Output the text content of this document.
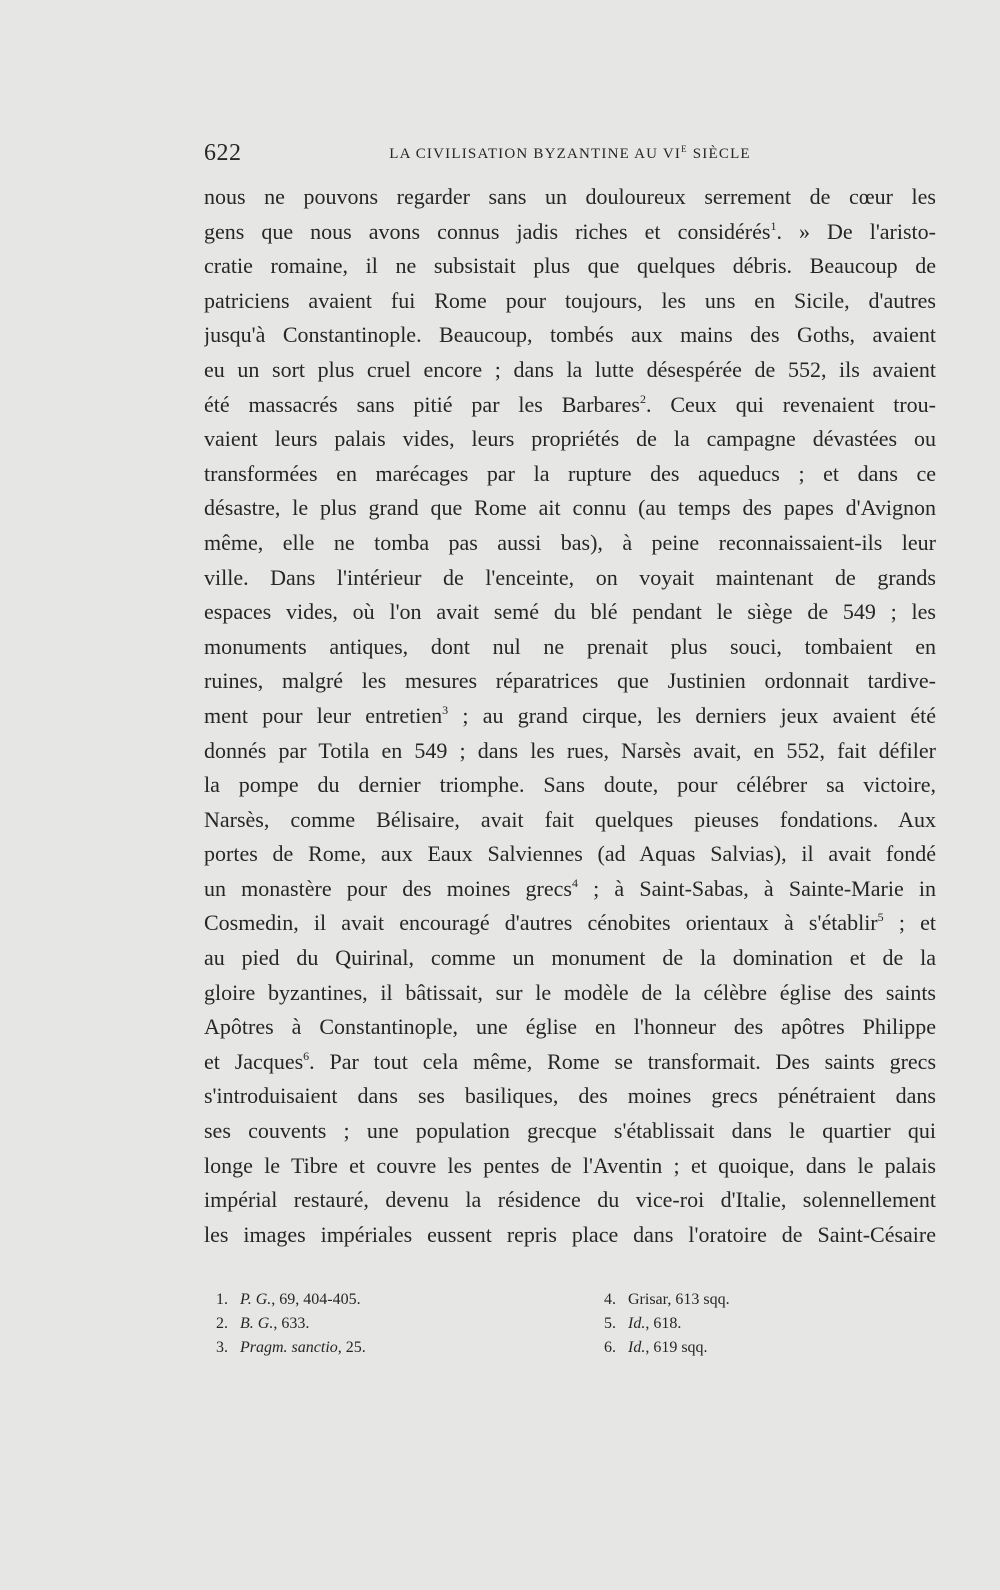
622	LA CIVILISATION BYZANTINE AU $VI^E$ SIÈCLE
nous ne pouvons regarder sans un douloureux serrement de cœur les
gens que nous avons connus jadis riches et considérés$^1$. » De l'aristo-
cratie romaine, il ne subsistait plus que quelques débris. Beaucoup de
patriciens avaient fui Rome pour toujours, les uns en Sicile, d'autres
jusqu'à Constantinople. Beaucoup, tombés aux mains des Goths, avaient
eu un sort plus cruel encore ; dans la lutte désespérée de 552, ils avaient
été massacrés sans pitié par les Barbares$^2$. Ceux qui revenaient trou-
vaient leurs palais vides, leurs propriétés de la campagne dévastées ou
transformées en marécages par la rupture des aqueducs ; et dans ce
désastre, le plus grand que Rome ait connu (au temps des papes d'Avignon
même, elle ne tomba pas aussi bas), à peine reconnaissaient-ils leur
ville. Dans l'intérieur de l'enceinte, on voyait maintenant de grands
espaces vides, où l'on avait semé du blé pendant le siège de 549 ; les
monuments antiques, dont nul ne prenait plus souci, tombaient en
ruines, malgré les mesures réparatrices que Justinien ordonnait tardive-
ment pour leur entretien$^3$ ; au grand cirque, les derniers jeux avaient été
donnés par Totila en 549 ; dans les rues, Narsès avait, en 552, fait défiler
la pompe du dernier triomphe. Sans doute, pour célébrer sa victoire,
Narsès, comme Bélisaire, avait fait quelques pieuses fondations. Aux
portes de Rome, aux Eaux Salviennes (ad Aquas Salvias), il avait fondé
un monastère pour des moines grecs$^4$ ; à Saint-Sabas, à Sainte-Marie in
Cosmedin, il avait encouragé d'autres cénobites orientaux à s'établir$^5$ ; et
au pied du Quirinal, comme un monument de la domination et de la
gloire byzantines, il bâtissait, sur le modèle de la célèbre église des saints
Apôtres à Constantinople, une église en l'honneur des apôtres Philippe
et Jacques$^6$. Par tout cela même, Rome se transformait. Des saints grecs
s'introduisaient dans ses basiliques, des moines grecs pénétraient dans
ses couvents ; une population grecque s'établissait dans le quartier qui
longe le Tibre et couvre les pentes de l'Aventin ; et quoique, dans le palais
impérial restauré, devenu la résidence du vice-roi d'Italie, solennellement
les images impériales eussent repris place dans l'oratoire de Saint-Césaire
1. P. G., 69, 404-405.
2. B. G., 633.
3. Pragm. sanctio, 25.
4. Grisar, 613 sqq.
5. Id., 618.
6. Id., 619 sqq.
